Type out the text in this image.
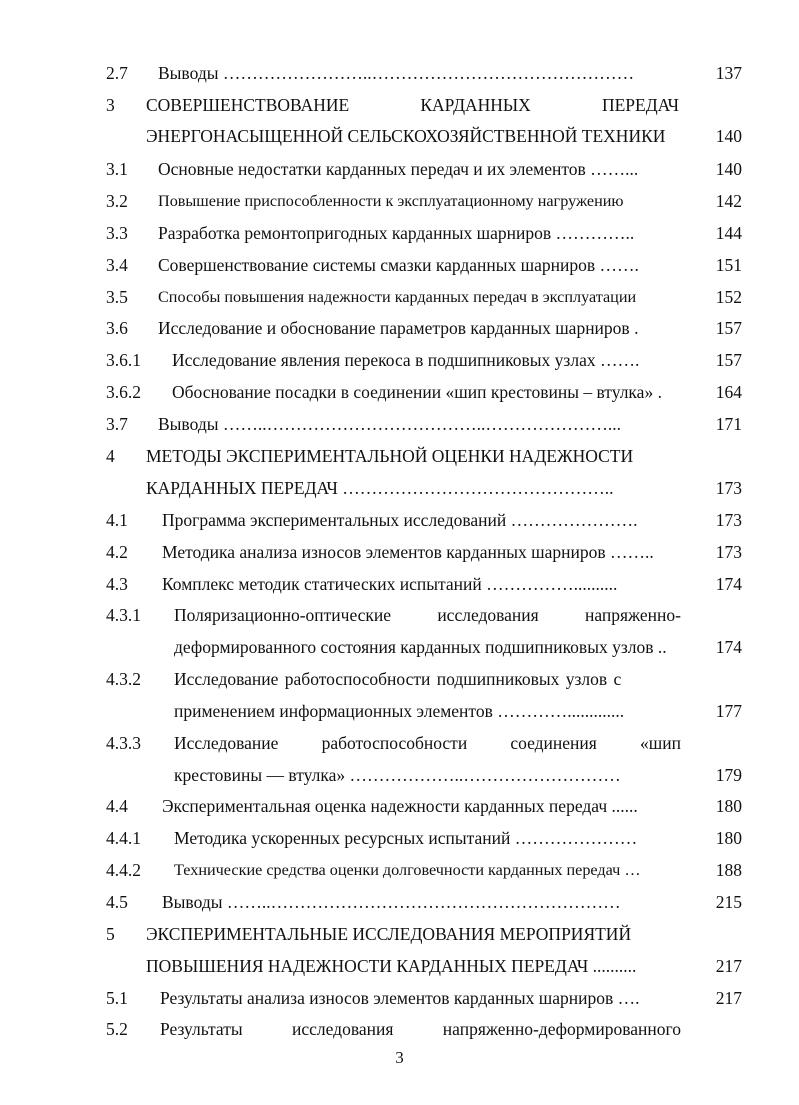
2.7 Выводы ……………………..………………………………………	137
3 СОВЕРШЕНСТВОВАНИЕ	КАРДАННЫХ	ПЕРЕДАЧ
ЭНЕРГОНАСЫЩЕННОЙ СЕЛЬСКОХОЗЯЙСТВЕННОЙ ТЕХНИКИ	140
3.1 Основные недостатки карданных передач и их элементов ……...	140
3.2 Повышение приспособленности к эксплуатационному нагружению	142
3.3 Разработка ремонтопригодных карданных шарниров …………..	144
3.4 Совершенствование системы смазки карданных шарниров …….	151
3.5 Способы повышения надежности карданных передач в эксплуатации	152
3.6 Исследование и обоснование параметров карданных шарниров .	157
3.6.1 Исследование явления перекоса в подшипниковых узлах …….	157
3.6.2 Обоснование посадки в соединении «шип крестовины – втулка» .	164
3.7 Выводы ……..………………………………..…………………...	171
4 МЕТОДЫ ЭКСПЕРИМЕНТАЛЬНОЙ ОЦЕНКИ НАДЕЖНОСТИ
КАРДАННЫХ ПЕРЕДАЧ ………………………………………..	173
4.1 Программа экспериментальных исследований ………………….	173
4.2 Методика анализа износов элементов карданных шарниров ……..	173
4.3 Комплекс методик статических испытаний ……………..........	174
4.3.1 Поляризационно-оптические	исследования	напряженно-
деформированного состояния карданных подшипниковых узлов ..	174
4.3.2 Исследование работоспособности подшипниковых узлов с
применением информационных элементов ………….............	177
4.3.3 Исследование работоспособности соединения «шип
крестовины — втулка» ………………..………………………	179
4.4 Экспериментальная оценка надежности карданных передач ......	180
4.4.1 Методика ускоренных ресурсных испытаний …………………	180
4.4.2 Технические средства оценки долговечности карданных передач …	188
4.5 Выводы ……..……………………………………………………	215
5 ЭКСПЕРИМЕНТАЛЬНЫЕ ИССЛЕДОВАНИЯ МЕРОПРИЯТИЙ
ПОВЫШЕНИЯ НАДЕЖНОСТИ КАРДАННЫХ ПЕРЕДАЧ ..........	217
5.1 Результаты анализа износов элементов карданных шарниров ….	217
5.2 Результаты	исследования	напряженно-деформированного
3
